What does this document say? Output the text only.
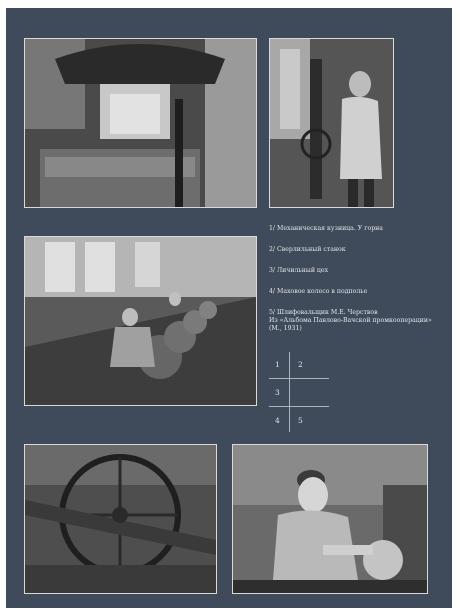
1/ Механическая кузница. У горна
2/ Сверлильный станок
3/ Личильный цех
4/ Маховое колесо в подполье
5/ Шлифовальщик М.Е. Черствов
Из «Альбома Павлово-Вачской промкооперации» (М., 1931)
1 2
3
4 5
